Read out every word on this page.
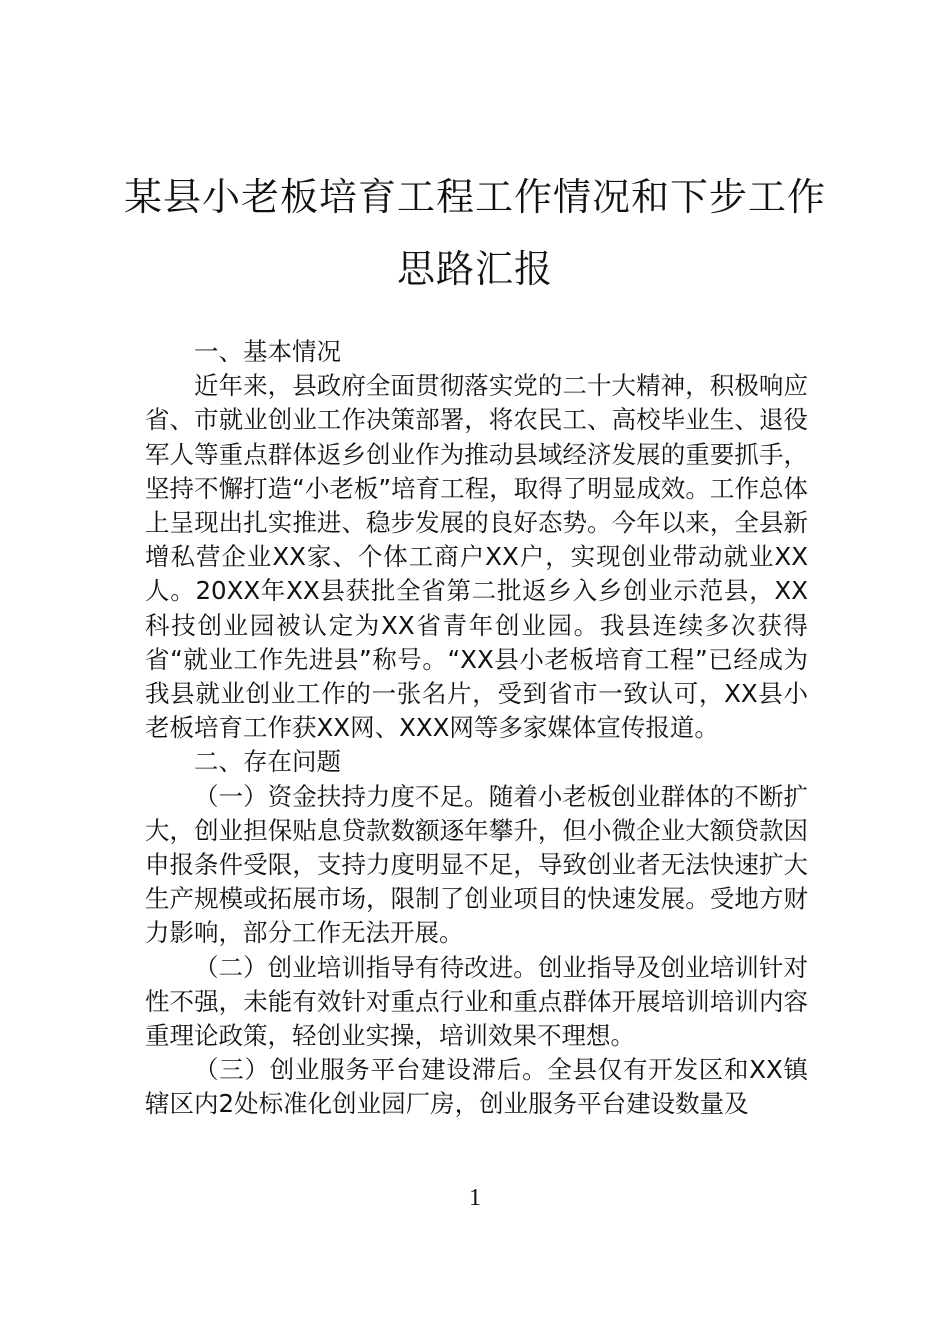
某县小老板培育工程工作情况和下步工作
思路汇报

一、基本情况

近年来，县政府全面贯彻落实党的二十大精神，积极响应省、市就业创业工作决策部署，将农民工、高校毕业生、退役军人等重点群体返乡创业作为推动县域经济发展的重要抓手，坚持不懈打造“小老板”培育工程，取得了明显成效。工作总体上呈现出扎实推进、稳步发展的良好态势。今年以来，全县新增私营企业XX家、个体工商户XX户，实现创业带动就业XX人。20XX年XX县获批全省第二批返乡入乡创业示范县，XX科技创业园被认定为XX省青年创业园。我县连续多次获得省“就业工作先进县”称号。“XX县小老板培育工程”已经成为我县就业创业工作的一张名片，受到省市一致认可，XX县小老板培育工作获XX网、XXX网等多家媒体宣传报道。

二、存在问题

（一）资金扶持力度不足。随着小老板创业群体的不断扩大，创业担保贴息贷款数额逐年攀升，但小微企业大额贷款因申报条件受限，支持力度明显不足，导致创业者无法快速扩大生产规模或拓展市场，限制了创业项目的快速发展。受地方财力影响，部分工作无法开展。

（二）创业培训指导有待改进。创业指导及创业培训针对性不强，未能有效针对重点行业和重点群体开展培训培训内容重理论政策，轻创业实操，培训效果不理想。

（三）创业服务平台建设滞后。全县仅有开发区和XX镇辖区内2处标准化创业园厂房，创业服务平台建设数量及

1
